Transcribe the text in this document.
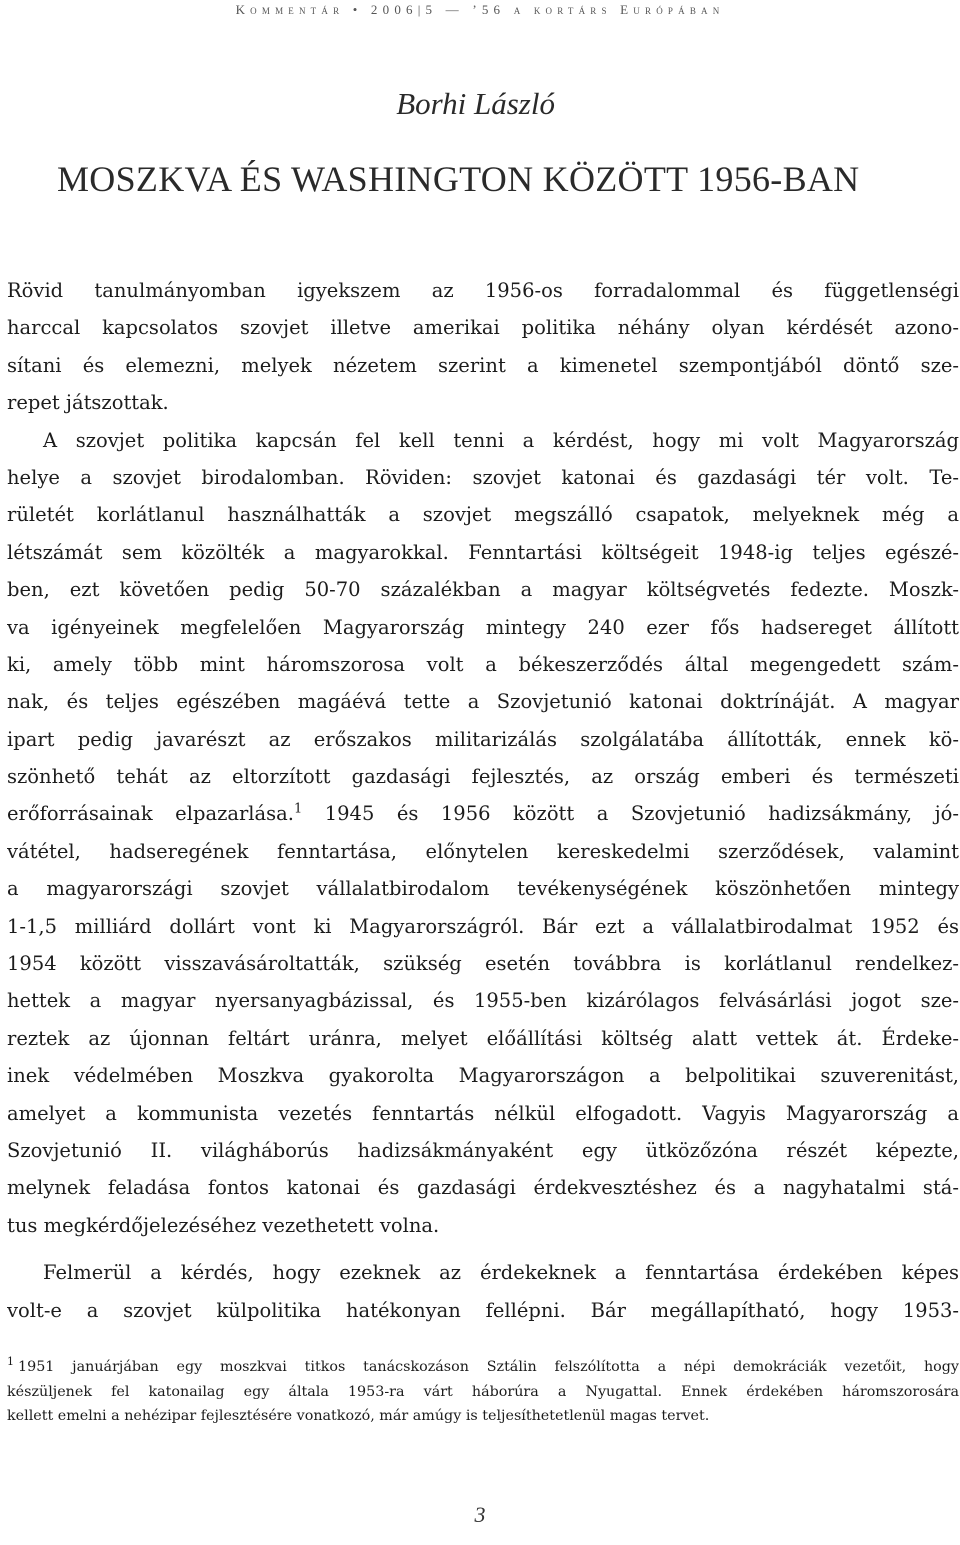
Kommentár • 2006|5 — ’56 a kortárs Európában
Borhi László
MOSZKVA ÉS WASHINGTON KÖZÖTT 1956-BAN
Rövid tanulmányomban igyekszem az 1956-os forradalommal és függetlenségi
harccal kapcsolatos szovjet illetve amerikai politika néhány olyan kérdését azono-
sítani és elemezni, melyek nézetem szerint a kimenetel szempontjából döntő sze-
repet játszottak.
A szovjet politika kapcsán fel kell tenni a kérdést, hogy mi volt Magyarország
helye a szovjet birodalomban. Röviden: szovjet katonai és gazdasági tér volt. Te-
rületét korlátlanul használhatták a szovjet megszálló csapatok, melyeknek még a
létszámát sem közölték a magyarokkal. Fenntartási költségeit 1948-ig teljes egészé-
ben, ezt követően pedig 50-70 százalékban a magyar költségvetés fedezte. Moszk-
va igényeinek megfelelően Magyarország mintegy 240 ezer fős hadsereget állított
ki, amely több mint háromszorosa volt a békeszerződés által megengedett szám-
nak, és teljes egészében magáévá tette a Szovjetunió katonai doktrínáját. A magyar
ipart pedig javarészt az erőszakos militarizálás szolgálatába állították, ennek kö-
szönhető tehát az eltorzított gazdasági fejlesztés, az ország emberi és természeti
erőforrásainak elpazarlása.$^1$ 1945 és 1956 között a Szovjetunió hadizsákmány, jó-
vátétel, hadseregének fenntartása, előnytelen kereskedelmi szerződések, valamint
a magyarországi szovjet vállalatbirodalom tevékenységének köszönhetően mintegy
1-1,5 milliárd dollárt vont ki Magyarországról. Bár ezt a vállalatbirodalmat 1952 és
1954 között visszavásároltatták, szükség esetén továbbra is korlátlanul rendelkez-
hettek a magyar nyersanyagbázissal, és 1955-ben kizárólagos felvásárlási jogot sze-
reztek az újonnan feltárt uránra, melyet előállítási költség alatt vettek át. Érdeke-
inek védelmében Moszkva gyakorolta Magyarországon a belpolitikai szuverenitást,
amelyet a kommunista vezetés fenntartás nélkül elfogadott. Vagyis Magyarország a
Szovjetunió II. világháborús hadizsákmányaként egy ütközőzóna részét képezte,
melynek feladása fontos katonai és gazdasági érdekvesztéshez és a nagyhatalmi stá-
tus megkérdőjelezéséhez vezethetett volna.
Felmerül a kérdés, hogy ezeknek az érdekeknek a fenntartása érdekében képes
volt-e a szovjet külpolitika hatékonyan fellépni. Bár megállapítható, hogy 1953-
$^1$ 1951 januárjában egy moszkvai titkos tanácskozáson Sztálin felszólította a népi demokráciák vezetőit, hogy
készüljenek fel katonailag egy általa 1953-ra várt háborúra a Nyugattal. Ennek érdekében háromszorosára
kellett emelni a nehézipar fejlesztésére vonatkozó, már amúgy is teljesíthetetlenül magas tervet.
3
